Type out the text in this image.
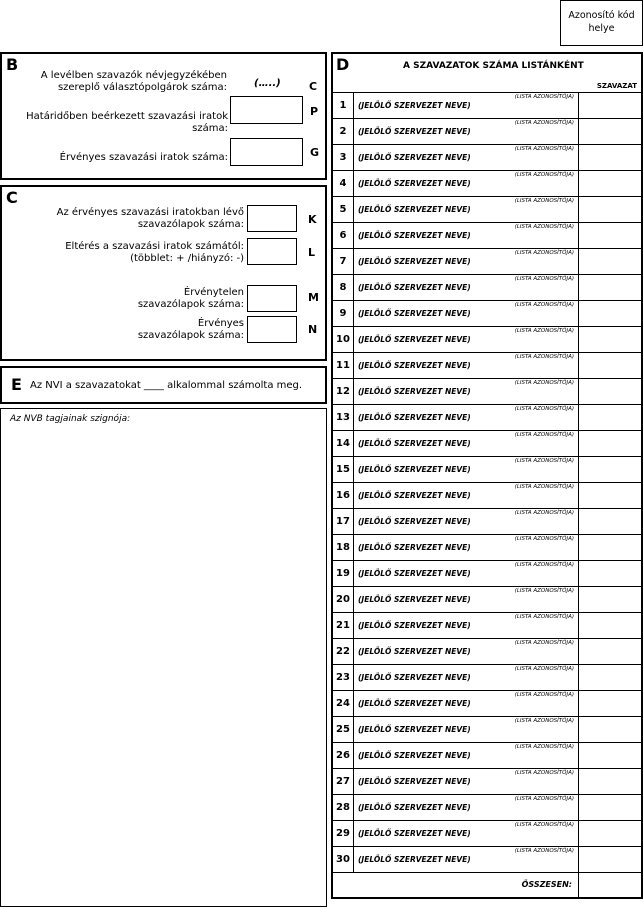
Azonosító kód helye
B
A levélben szavazók névjegyzékében szereplő választópolgárok száma:	(…..)	C
Határidőben beérkezett szavazási iratok száma:
P
Érvényes szavazási iratok száma:	G
C
Az érvényes szavazási iratokban lévő szavazólapok száma:	K
Eltérés a szavazási iratok számától: (többlet: + /hiányzó: -)	L
Érvénytelen szavazólapok száma:
M
Érvényes szavazólapok száma:	N
E Az NVI a szavazatokat ____ alkalommal számolta meg.
Az NVB tagjainak szignója:
D	A SZAVAZATOK SZÁMA LISTÁNKÉNT
SZAVAZAT
1	(JELÖLŐ SZERVEZET NEVE)
(LISTA AZONOSÍTÓJA)
2	(JELÖLŐ SZERVEZET NEVE)
(LISTA AZONOSÍTÓJA)
3	(JELÖLŐ SZERVEZET NEVE)
(LISTA AZONOSÍTÓJA)
4	(JELÖLŐ SZERVEZET NEVE)
(LISTA AZONOSÍTÓJA)
5	(JELÖLŐ SZERVEZET NEVE)
(LISTA AZONOSÍTÓJA)
6	(JELÖLŐ SZERVEZET NEVE)
(LISTA AZONOSÍTÓJA)
7	(JELÖLŐ SZERVEZET NEVE)
(LISTA AZONOSÍTÓJA)
8	(JELÖLŐ SZERVEZET NEVE)
(LISTA AZONOSÍTÓJA)
9	(JELÖLŐ SZERVEZET NEVE)
(LISTA AZONOSÍTÓJA)
10	(JELÖLŐ SZERVEZET NEVE)
(LISTA AZONOSÍTÓJA)
11	(JELÖLŐ SZERVEZET NEVE)
(LISTA AZONOSÍTÓJA)
12	(JELÖLŐ SZERVEZET NEVE)
(LISTA AZONOSÍTÓJA)
13	(JELÖLŐ SZERVEZET NEVE)
(LISTA AZONOSÍTÓJA)
14	(JELÖLŐ SZERVEZET NEVE)
(LISTA AZONOSÍTÓJA)
15	(JELÖLŐ SZERVEZET NEVE)
(LISTA AZONOSÍTÓJA)
16	(JELÖLŐ SZERVEZET NEVE)
(LISTA AZONOSÍTÓJA)
17	(JELÖLŐ SZERVEZET NEVE)
(LISTA AZONOSÍTÓJA)
18	(JELÖLŐ SZERVEZET NEVE)
(LISTA AZONOSÍTÓJA)
19	(JELÖLŐ SZERVEZET NEVE)
(LISTA AZONOSÍTÓJA)
20	(JELÖLŐ SZERVEZET NEVE)
(LISTA AZONOSÍTÓJA)
21	(JELÖLŐ SZERVEZET NEVE)
(LISTA AZONOSÍTÓJA)
22	(JELÖLŐ SZERVEZET NEVE)
(LISTA AZONOSÍTÓJA)
23	(JELÖLŐ SZERVEZET NEVE)
(LISTA AZONOSÍTÓJA)
24	(JELÖLŐ SZERVEZET NEVE)
(LISTA AZONOSÍTÓJA)
25	(JELÖLŐ SZERVEZET NEVE)
(LISTA AZONOSÍTÓJA)
26	(JELÖLŐ SZERVEZET NEVE)
(LISTA AZONOSÍTÓJA)
27	(JELÖLŐ SZERVEZET NEVE)
(LISTA AZONOSÍTÓJA)
28	(JELÖLŐ SZERVEZET NEVE)
(LISTA AZONOSÍTÓJA)
29	(JELÖLŐ SZERVEZET NEVE)
(LISTA AZONOSÍTÓJA)
30	(JELÖLŐ SZERVEZET NEVE)
(LISTA AZONOSÍTÓJA)
ÖSSZESEN:
